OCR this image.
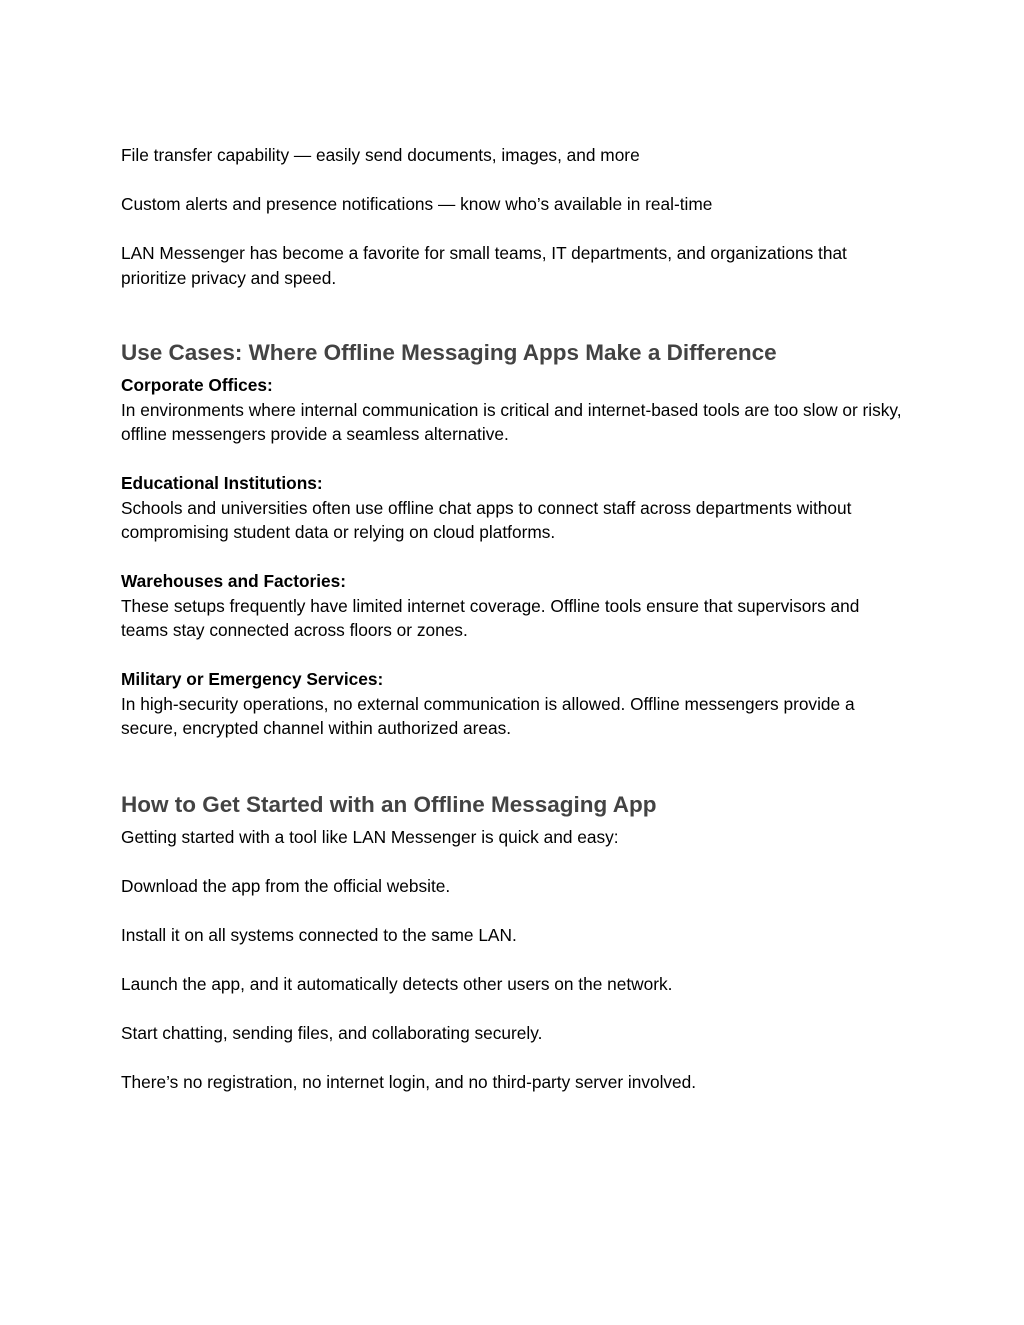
File transfer capability — easily send documents, images, and more

Custom alerts and presence notifications — know who’s available in real-time

LAN Messenger has become a favorite for small teams, IT departments, and organizations that prioritize privacy and speed.

Use Cases: Where Offline Messaging Apps Make a Difference

Corporate Offices:

In environments where internal communication is critical and internet-based tools are too slow or risky, offline messengers provide a seamless alternative.

Educational Institutions:

Schools and universities often use offline chat apps to connect staff across departments without compromising student data or relying on cloud platforms.

Warehouses and Factories:

These setups frequently have limited internet coverage. Offline tools ensure that supervisors and teams stay connected across floors or zones.

Military or Emergency Services:

In high-security operations, no external communication is allowed. Offline messengers provide a secure, encrypted channel within authorized areas.

How to Get Started with an Offline Messaging App

Getting started with a tool like LAN Messenger is quick and easy:

Download the app from the official website.

Install it on all systems connected to the same LAN.

Launch the app, and it automatically detects other users on the network.

Start chatting, sending files, and collaborating securely.

There’s no registration, no internet login, and no third-party server involved.
